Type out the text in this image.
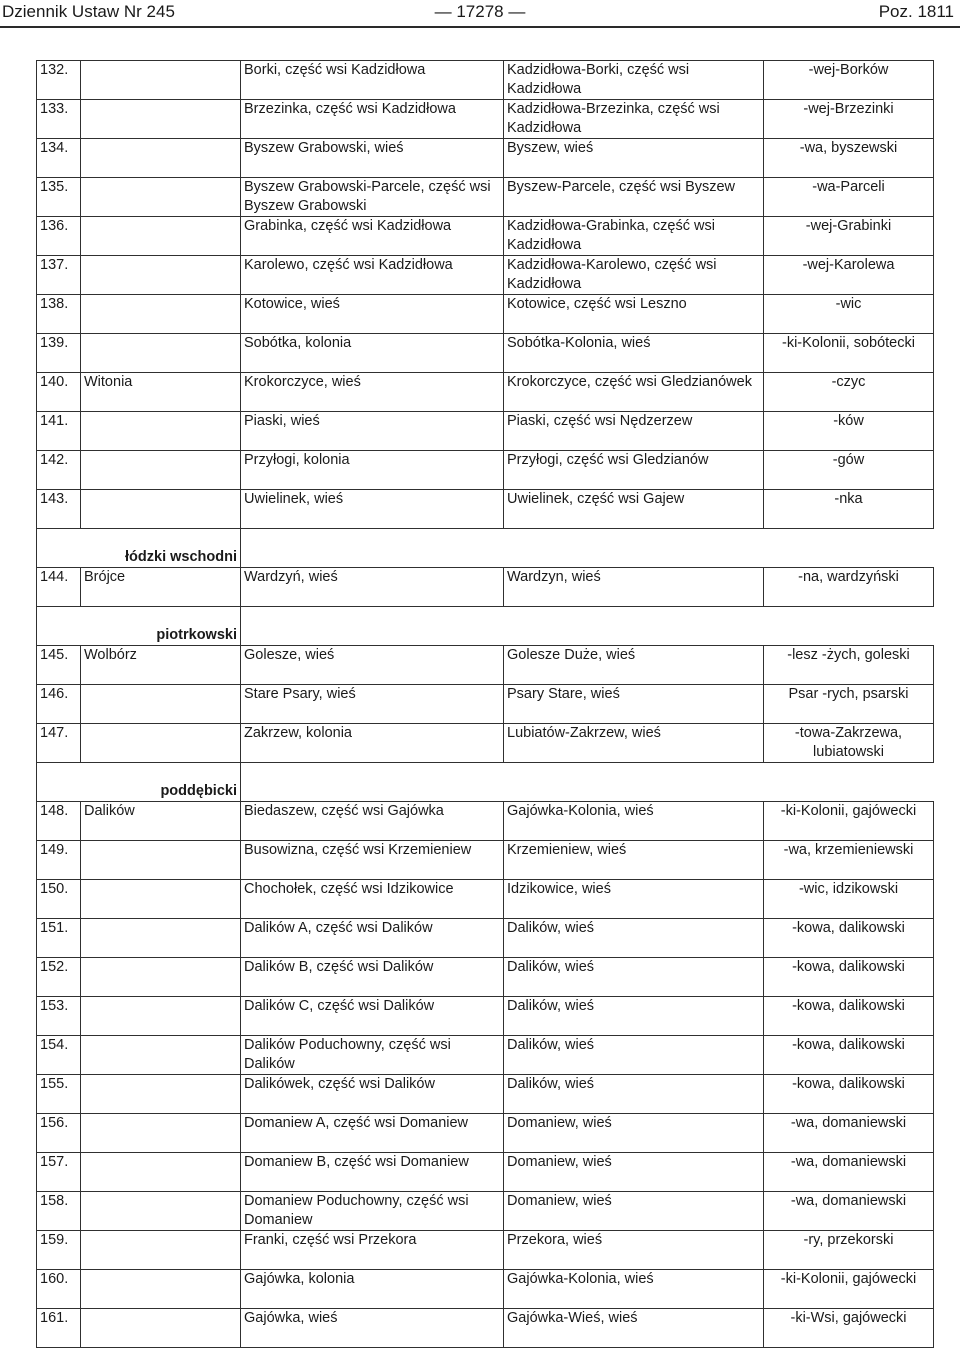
Dziennik Ustaw Nr 245	— 17278 —	Poz. 1811
132.		Borki, część wsi Kadzidłowa	Kadzidłowa-Borki, część wsi Kadzidłowa	-wej-Borków
133.		Brzezinka, część wsi Kadzidłowa	Kadzidłowa-Brzezinka, część wsi Kadzidłowa	-wej-Brzezinki
134.		Byszew Grabowski, wieś	Byszew, wieś	-wa, byszewski
135.		Byszew Grabowski-Parcele, część wsi Byszew Grabowski	Byszew-Parcele, część wsi Byszew	-wa-Parceli
136.		Grabinka, część wsi Kadzidłowa	Kadzidłowa-Grabinka, część wsi Kadzidłowa	-wej-Grabinki
137.		Karolewo, część wsi Kadzidłowa	Kadzidłowa-Karolewo, część wsi Kadzidłowa	-wej-Karolewa
138.		Kotowice, wieś	Kotowice, część wsi Leszno	-wic
139.		Sobótka, kolonia	Sobótka-Kolonia, wieś	-ki-Kolonii, sobótecki
140.	Witonia	Krokorczyce, wieś	Krokorczyce, część wsi Gledzianówek	-czyc
141.		Piaski, wieś	Piaski, część wsi Nędzerzew	-ków
142.		Przyłogi, kolonia	Przyłogi, część wsi Gledzianów	-gów
143.		Uwielinek, wieś	Uwielinek, część wsi Gajew	-nka
łódzki wschodni				
144.	Brójce	Wardzyń, wieś	Wardzyn, wieś	-na, wardzyński
piotrkowski				
145.	Wolbórz	Golesze, wieś	Golesze Duże, wieś	-lesz -żych, goleski
146.		Stare Psary, wieś	Psary Stare, wieś	Psar -rych, psarski
147.		Zakrzew, kolonia	Lubiatów-Zakrzew, wieś	-towa-Zakrzewa, lubiatowski
poddębicki				
148.	Dalików	Biedaszew, część wsi Gajówka	Gajówka-Kolonia, wieś	-ki-Kolonii, gajówecki
149.		Busowizna, część wsi Krzemieniew	Krzemieniew, wieś	-wa, krzemieniewski
150.		Chochołek, część wsi Idzikowice	Idzikowice, wieś	-wic, idzikowski
151.		Dalików A, część wsi Dalików	Dalików, wieś	-kowa, dalikowski
152.		Dalików B, część wsi Dalików	Dalików, wieś	-kowa, dalikowski
153.		Dalików C, część wsi Dalików	Dalików, wieś	-kowa, dalikowski
154.		Dalików Poduchowny, część wsi Dalików	Dalików, wieś	-kowa, dalikowski
155.		Dalikówek, część wsi Dalików	Dalików, wieś	-kowa, dalikowski
156.		Domaniew A, część wsi Domaniew	Domaniew, wieś	-wa, domaniewski
157.		Domaniew B, część wsi Domaniew	Domaniew, wieś	-wa, domaniewski
158.		Domaniew Poduchowny, część wsi Domaniew	Domaniew, wieś	-wa, domaniewski
159.		Franki, część wsi Przekora	Przekora, wieś	-ry, przekorski
160.		Gajówka, kolonia	Gajówka-Kolonia, wieś	-ki-Kolonii, gajówecki
161.		Gajówka, wieś	Gajówka-Wieś, wieś	-ki-Wsi, gajówecki
